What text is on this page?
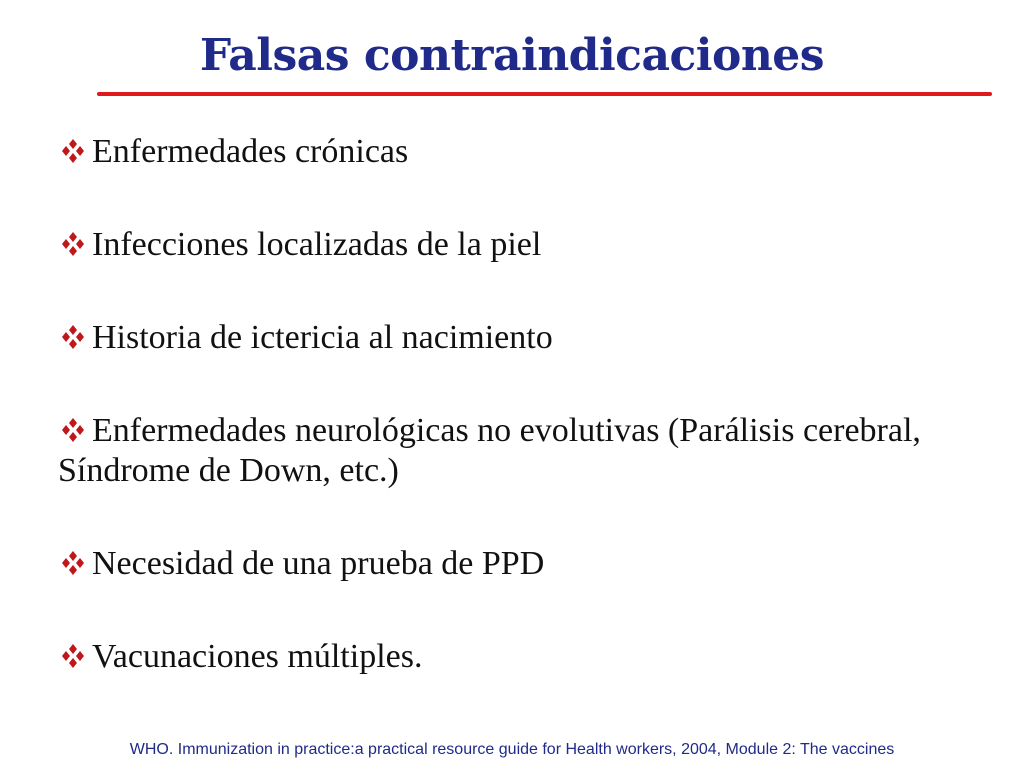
Falsas contraindicaciones
Enfermedades crónicas
Infecciones localizadas de la piel
Historia de ictericia al nacimiento
Enfermedades neurológicas no evolutivas (Parálisis cerebral, Síndrome de Down, etc.)
Necesidad de una prueba de PPD
Vacunaciones múltiples.
WHO. Immunization in practice:a practical resource guide for Health workers, 2004, Module 2: The vaccines
